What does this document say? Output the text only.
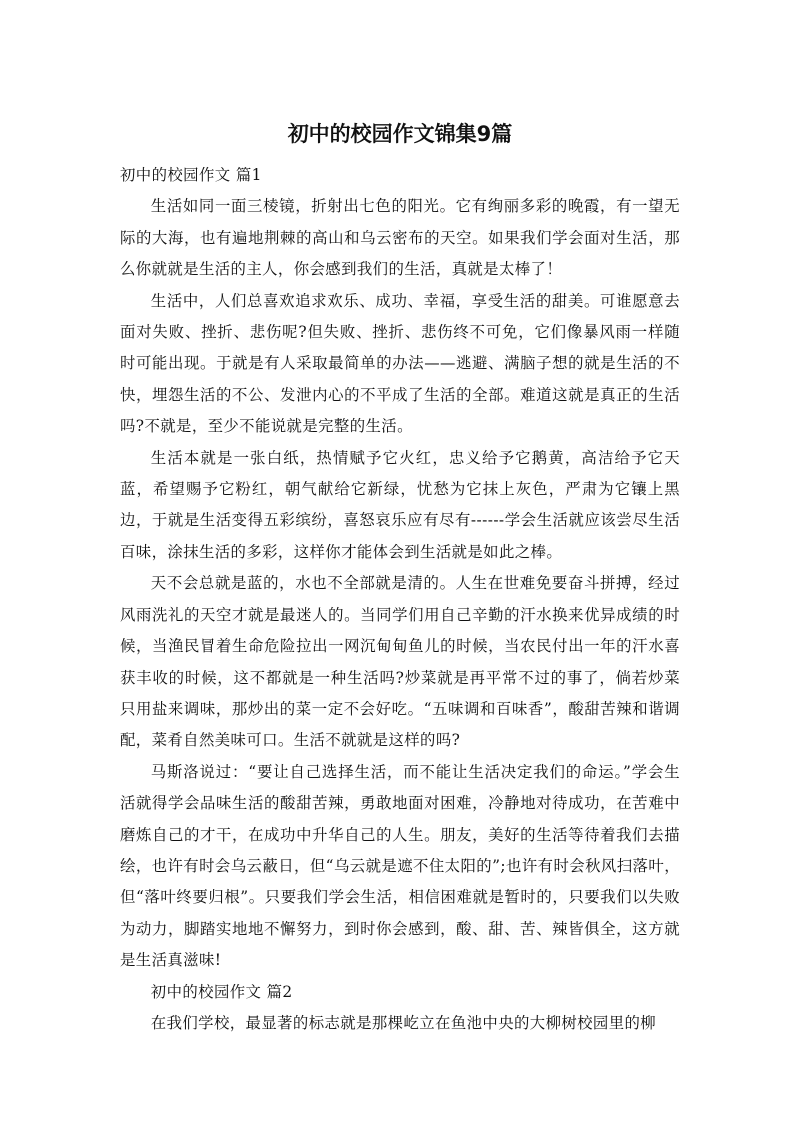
初中的校园作文锦集9篇

初中的校园作文 篇1

生活如同一面三棱镜，折射出七色的阳光。它有绚丽多彩的晚霞，有一望无际的大海，也有遍地荆棘的高山和乌云密布的天空。如果我们学会面对生活，那么你就就是生活的主人，你会感到我们的生活，真就是太棒了！

生活中，人们总喜欢追求欢乐、成功、幸福，享受生活的甜美。可谁愿意去面对失败、挫折、悲伤呢?但失败、挫折、悲伤终不可免，它们像暴风雨一样随时可能出现。于就是有人采取最简单的办法——逃避、满脑子想的就是生活的不快，埋怨生活的不公、发泄内心的不平成了生活的全部。难道这就是真正的生活吗?不就是，至少不能说就是完整的生活。

生活本就是一张白纸，热情赋予它火红，忠义给予它鹅黄，高洁给予它天蓝，希望赐予它粉红，朝气献给它新绿，忧愁为它抹上灰色，严肃为它镶上黑边，于就是生活变得五彩缤纷，喜怒哀乐应有尽有------学会生活就应该尝尽生活百味，涂抹生活的多彩，这样你才能体会到生活就是如此之棒。

天不会总就是蓝的，水也不全部就是清的。人生在世难免要奋斗拼搏，经过风雨洗礼的天空才就是最迷人的。当同学们用自己辛勤的汗水换来优异成绩的时候，当渔民冒着生命危险拉出一网沉甸甸鱼儿的时候，当农民付出一年的汗水喜获丰收的时候，这不都就是一种生活吗?炒菜就是再平常不过的事了，倘若炒菜只用盐来调味，那炒出的菜一定不会好吃。“五味调和百味香”，酸甜苦辣和谐调配，菜肴自然美味可口。生活不就就是这样的吗?

马斯洛说过：“要让自己选择生活，而不能让生活决定我们的命运。”学会生活就得学会品味生活的酸甜苦辣，勇敢地面对困难，冷静地对待成功，在苦难中磨炼自己的才干，在成功中升华自己的人生。朋友，美好的生活等待着我们去描绘，也许有时会乌云蔽日，但“乌云就是遮不住太阳的”;也许有时会秋风扫落叶，但“落叶终要归根”。只要我们学会生活，相信困难就是暂时的，只要我们以失败为动力，脚踏实地地不懈努力，到时你会感到，酸、甜、苦、辣皆俱全，这方就是生活真滋味!

初中的校园作文 篇2

在我们学校，最显著的标志就是那棵屹立在鱼池中央的大柳树校园里的柳
